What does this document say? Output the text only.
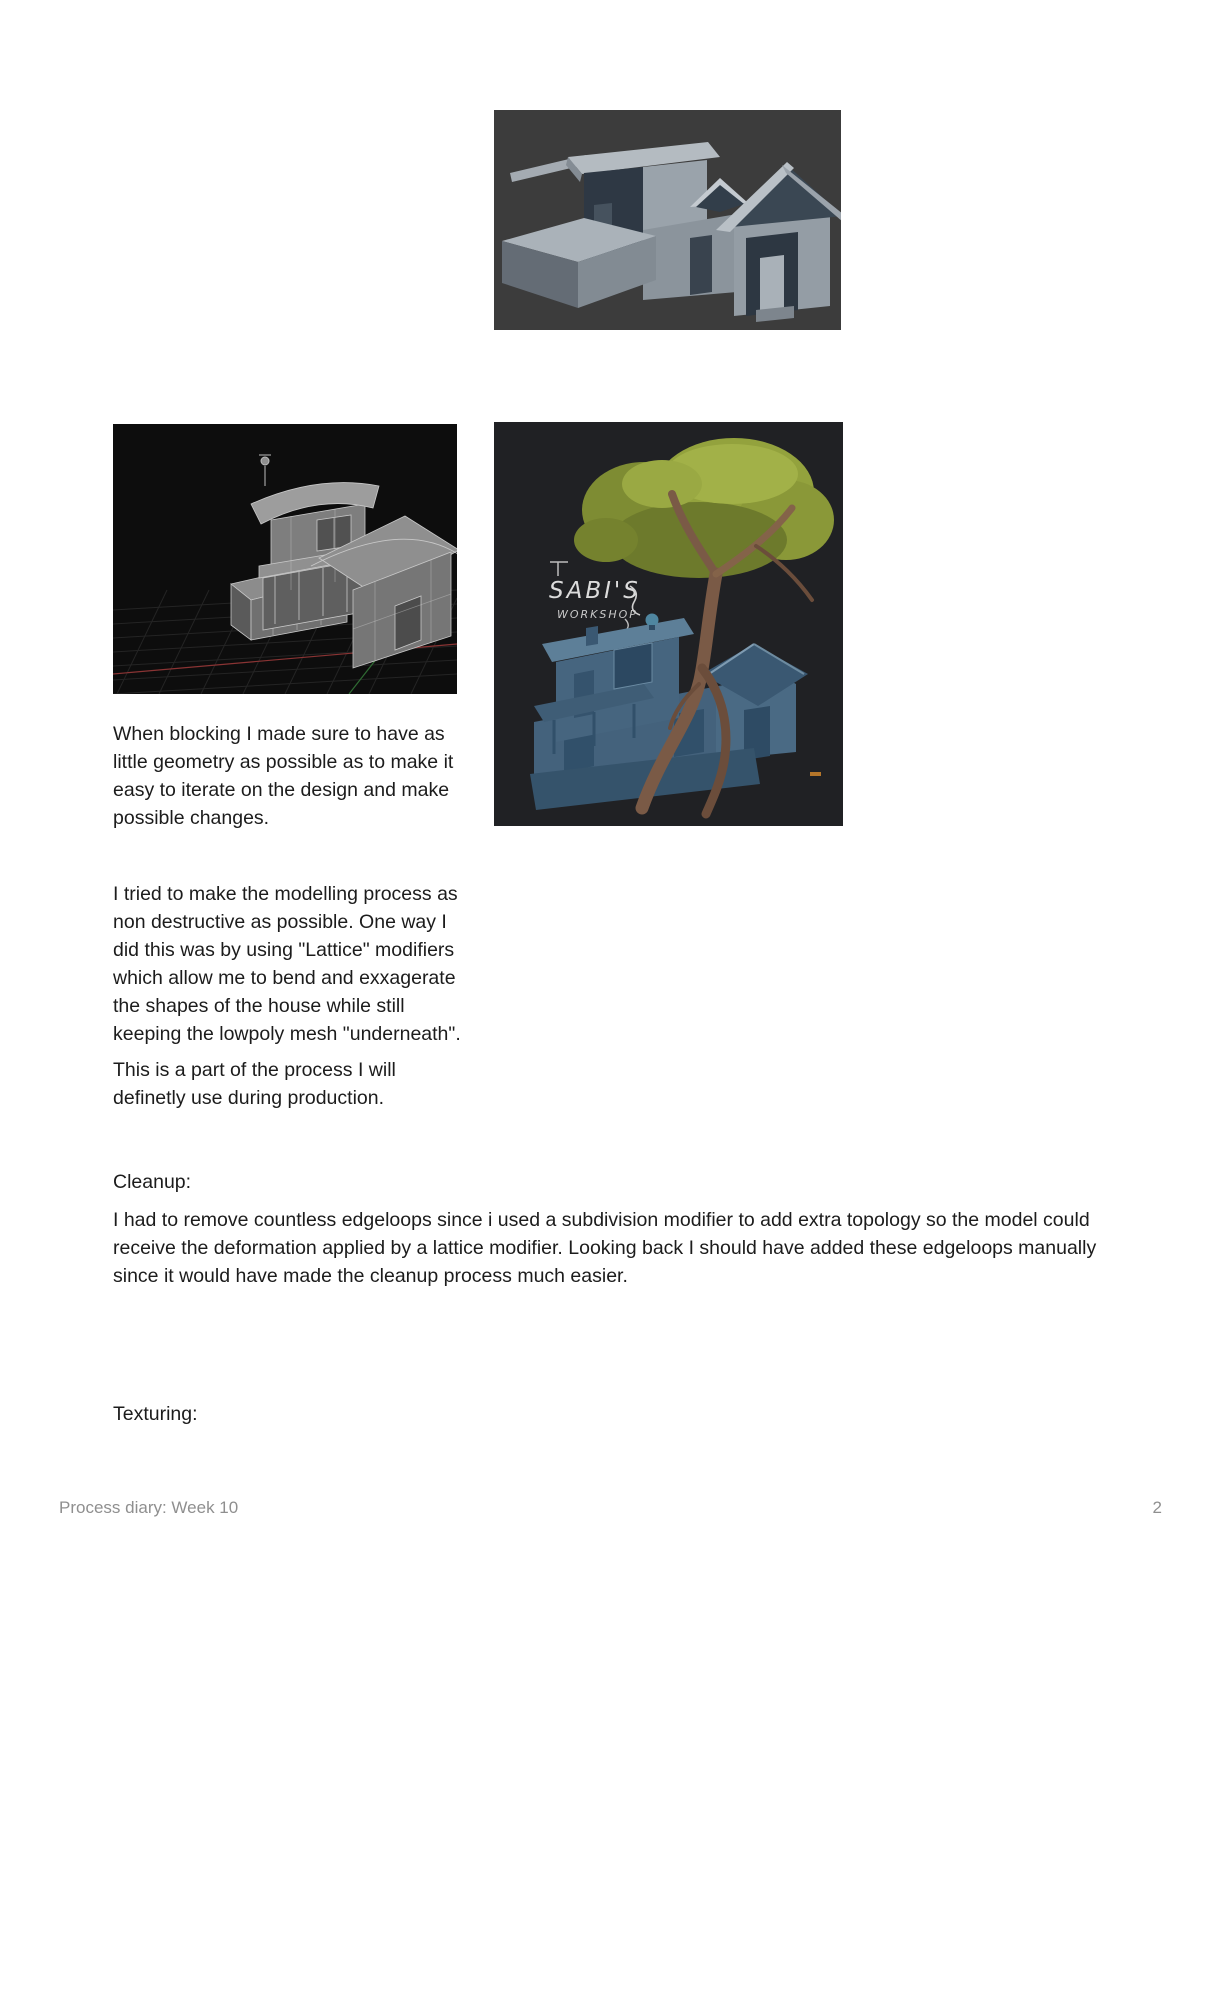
SABI'S
WORKSHOP

When blocking I made sure to have as little geometry as possible as to make it easy to iterate on the design and make possible changes.

I tried to make the modelling process as non destructive as possible. One way I did this was by using "Lattice" modifiers which allow me to bend and exxagerate the shapes of the house while still keeping the lowpoly mesh "underneath".

This is a part of the process I will definetly use during production.

Cleanup:

I had to remove countless edgeloops since i used a subdivision modifier to add extra topology so the model could receive the deformation applied by a lattice modifier. Looking back I should have added these edgeloops manually since it would have made the cleanup process much easier.

Texturing:

Process diary: Week 10	2
